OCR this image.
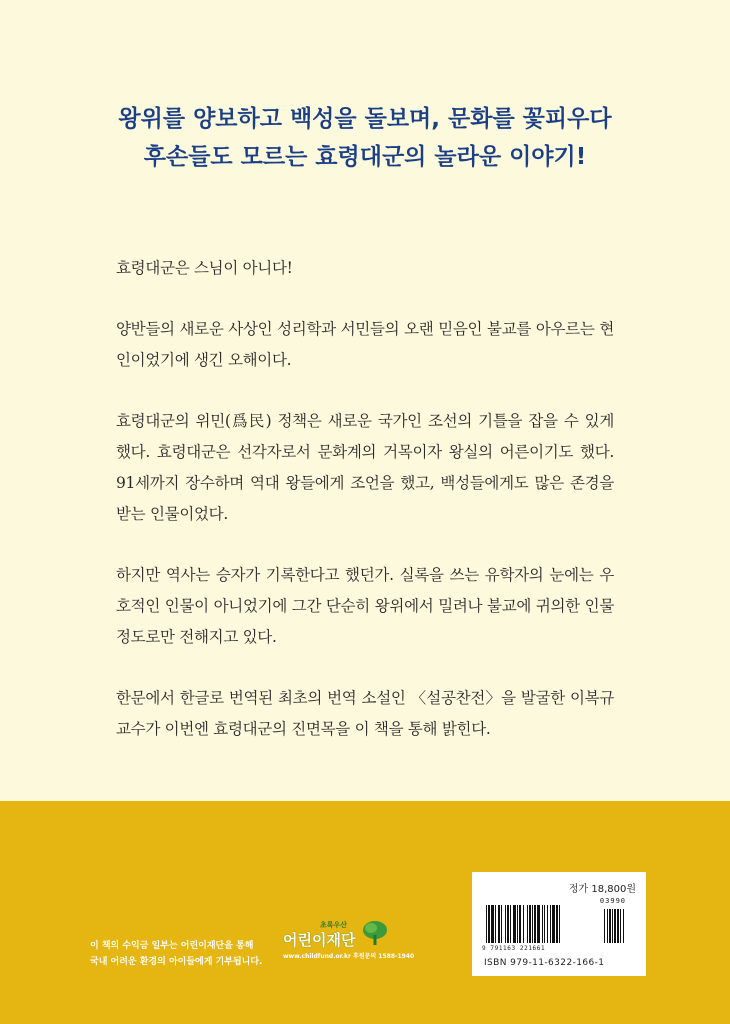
왕위를 양보하고 백성을 돌보며, 문화를 꽃피우다
후손들도 모르는 효령대군의 놀라운 이야기!

효령대군은 스님이 아니다!

양반들의 새로운 사상인 성리학과 서민들의 오랜 믿음인 불교를 아우르는 현인이었기에 생긴 오해이다.

효령대군의 위민(爲民) 정책은 새로운 국가인 조선의 기틀을 잡을 수 있게 했다. 효령대군은 선각자로서 문화계의 거목이자 왕실의 어른이기도 했다. 91세까지 장수하며 역대 왕들에게 조언을 했고, 백성들에게도 많은 존경을 받는 인물이었다.

하지만 역사는 승자가 기록한다고 했던가. 실록을 쓰는 유학자의 눈에는 우호적인 인물이 아니었기에 그간 단순히 왕위에서 밀려나 불교에 귀의한 인물 정도로만 전해지고 있다.

한문에서 한글로 번역된 최초의 번역 소설인 〈설공찬전〉을 발굴한 이복규 교수가 이번엔 효령대군의 진면목을 이 책을 통해 밝힌다.

이 책의 수익금 일부는 어린이재단을 통해
국내 어려운 환경의 아이들에게 기부됩니다.
초록우산
어린이재단
www.childfund.or.kr 후원문의 1588-1940
정가 18,800원
03990
9 791163 221661
ISBN 979-11-6322-166-1
